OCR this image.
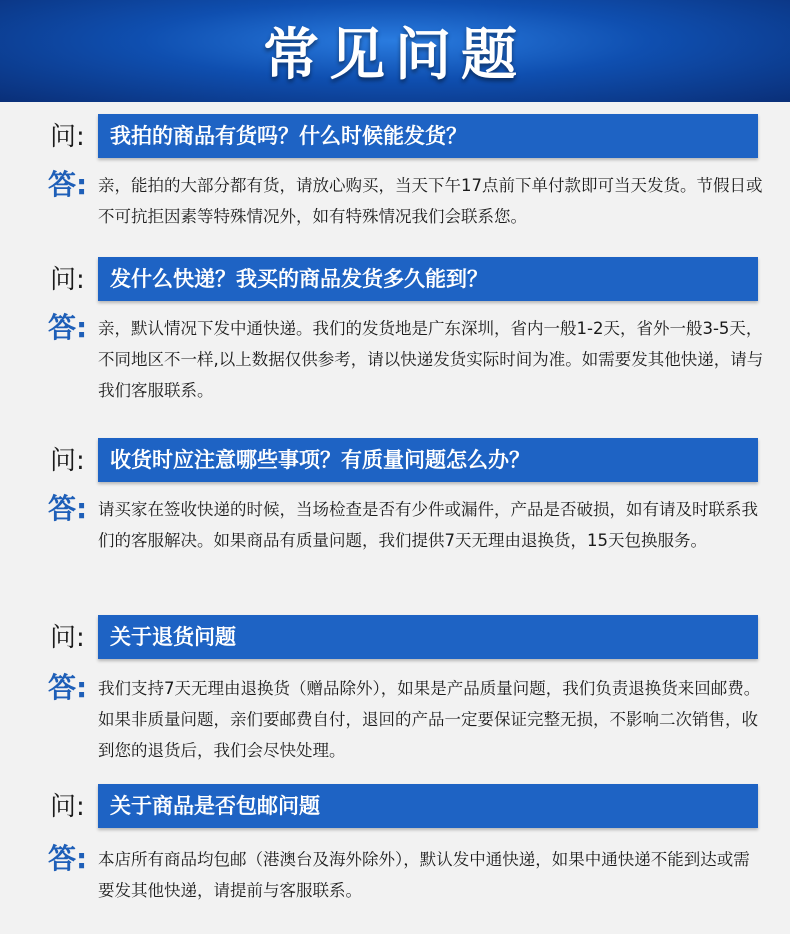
常见问题
问:	我拍的商品有货吗？什么时候能发货？
答: 亲，能拍的大部分都有货，请放心购买，当天下午17点前下单付款即可当天发货。节假日或不可抗拒因素等特殊情况外，如有特殊情况我们会联系您。
问:	发什么快递？我买的商品发货多久能到？
答: 亲，默认情况下发中通快递。我们的发货地是广东深圳，省内一般1-2天，省外一般3-5天，不同地区不一样,以上数据仅供参考，请以快递发货实际时间为准。如需要发其他快递，请与我们客服联系。
问:	收货时应注意哪些事项？有质量问题怎么办？
答: 请买家在签收快递的时候，当场检查是否有少件或漏件，产品是否破损，如有请及时联系我们的客服解决。如果商品有质量问题，我们提供7天无理由退换货，15天包换服务。
问:	关于退货问题
答: 我们支持7天无理由退换货（赠品除外），如果是产品质量问题，我们负责退换货来回邮费。如果非质量问题，亲们要邮费自付，退回的产品一定要保证完整无损，不影响二次销售，收到您的退货后，我们会尽快处理。
问:	关于商品是否包邮问题
答: 本店所有商品均包邮（港澳台及海外除外），默认发中通快递，如果中通快递不能到达或需要发其他快递，请提前与客服联系。
